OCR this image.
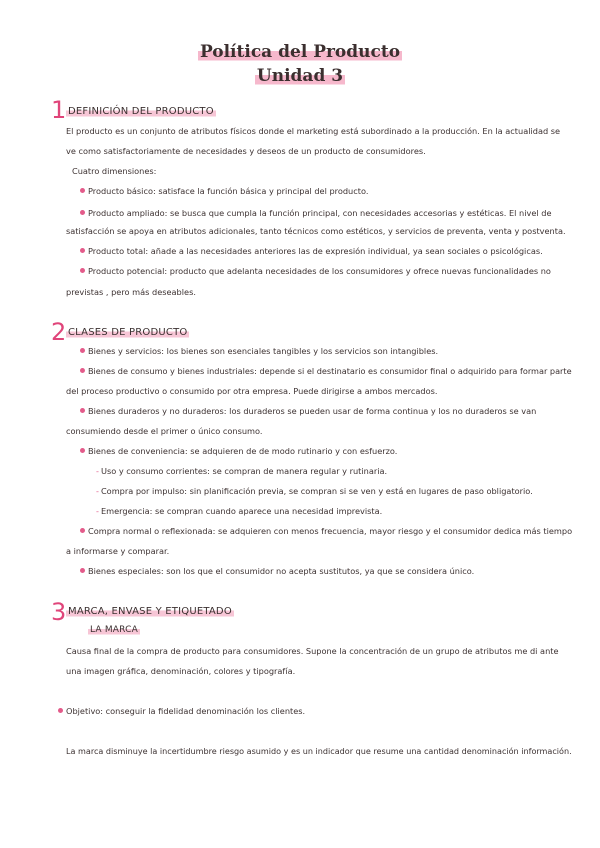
Política del Producto
Unidad 3
1 DEFINICIÓN DEL PRODUCTO
El producto es un conjunto de atributos físicos donde el marketing está subordinado a la producción. En la actualidad se
ve como satisfactoriamente de necesidades y deseos de un producto de consumidores.
Cuatro dimensiones:
Producto básico: satisface la función básica y principal del producto.
Producto ampliado: se busca que cumpla la función principal, con necesidades accesorias y estéticas. El nivel de
satisfacción se apoya en atributos adicionales, tanto técnicos como estéticos, y servicios de preventa, venta y postventa.
Producto total: añade a las necesidades anteriores las de expresión individual, ya sean sociales o psicológicas.
Producto potencial: producto que adelanta necesidades de los consumidores y ofrece nuevas funcionalidades no
previstas , pero más deseables.
2 CLASES DE PRODUCTO
Bienes y servicios: los bienes son esenciales tangibles y los servicios son intangibles.
Bienes de consumo y bienes industriales: depende si el destinatario es consumidor final o adquirido para formar parte
del proceso productivo o consumido por otra empresa. Puede dirigirse a ambos mercados.
Bienes duraderos y no duraderos: los duraderos se pueden usar de forma continua y los no duraderos se van
consumiendo desde el primer o único consumo.
Bienes de conveniencia: se adquieren de de modo rutinario y con esfuerzo.
- Uso y consumo corrientes: se compran de manera regular y rutinaria.
- Compra por impulso: sin planificación previa, se compran si se ven y está en lugares de paso obligatorio.
- Emergencia: se compran cuando aparece una necesidad imprevista.
Compra normal o reflexionada: se adquieren con menos frecuencia, mayor riesgo y el consumidor dedica más tiempo
a informarse y comparar.
Bienes especiales: son los que el consumidor no acepta sustitutos, ya que se considera único.
3 MARCA, ENVASE Y ETIQUETADO
LA MARCA
Causa final de la compra de producto para consumidores. Supone la concentración de un grupo de atributos me di ante
una imagen gráfica, denominación, colores y tipografía.
Objetivo: conseguir la fidelidad denominación los clientes.
La marca disminuye la incertidumbre riesgo asumido y es un indicador que resume una cantidad denominación información.
